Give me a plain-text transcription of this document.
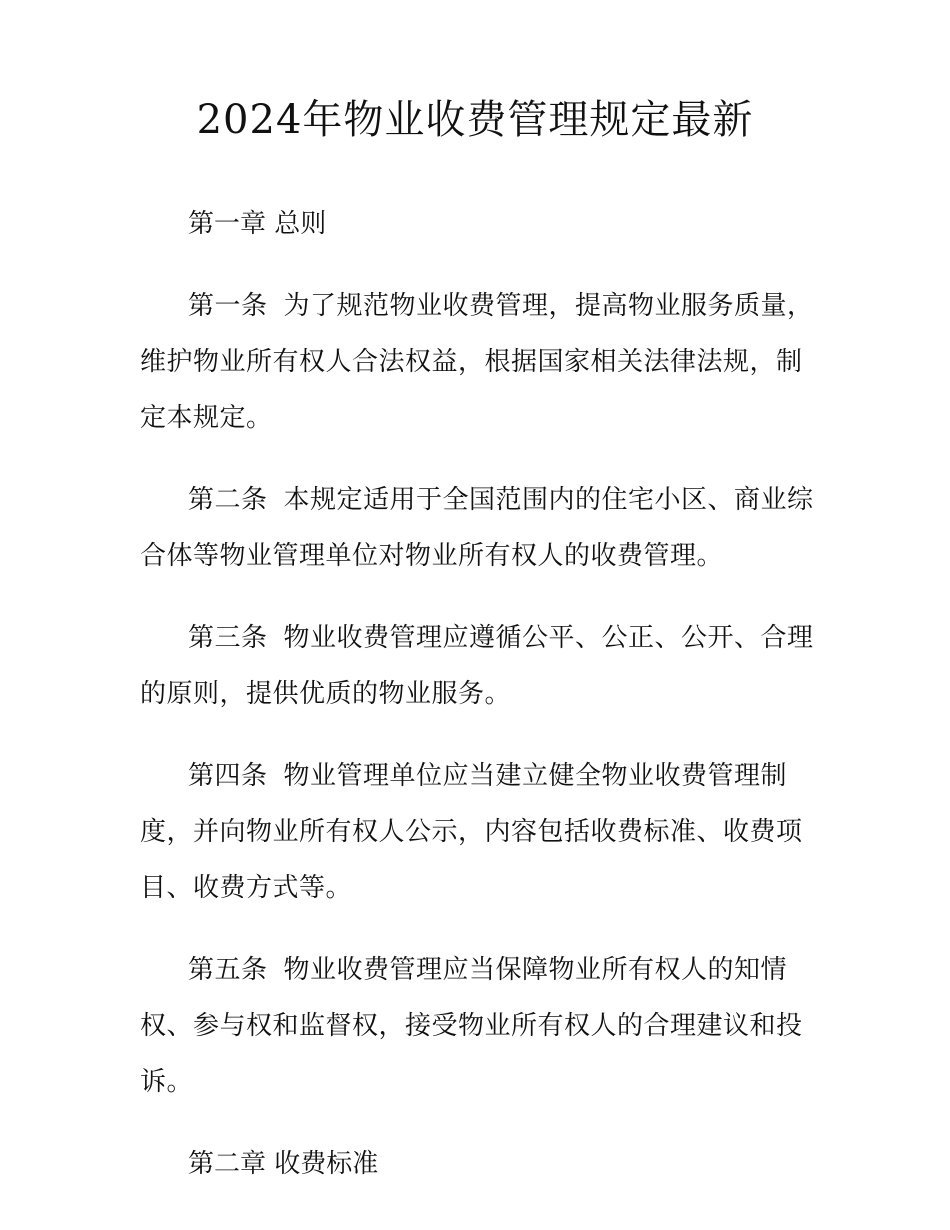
2024年物业收费管理规定最新

第一章 总则

第一条 为了规范物业收费管理，提高物业服务质量，维护物业所有权人合法权益，根据国家相关法律法规，制定本规定。

第二条 本规定适用于全国范围内的住宅小区、商业综合体等物业管理单位对物业所有权人的收费管理。

第三条 物业收费管理应遵循公平、公正、公开、合理的原则，提供优质的物业服务。

第四条 物业管理单位应当建立健全物业收费管理制度，并向物业所有权人公示，内容包括收费标准、收费项目、收费方式等。

第五条 物业收费管理应当保障物业所有权人的知情权、参与权和监督权，接受物业所有权人的合理建议和投诉。

第二章 收费标准
